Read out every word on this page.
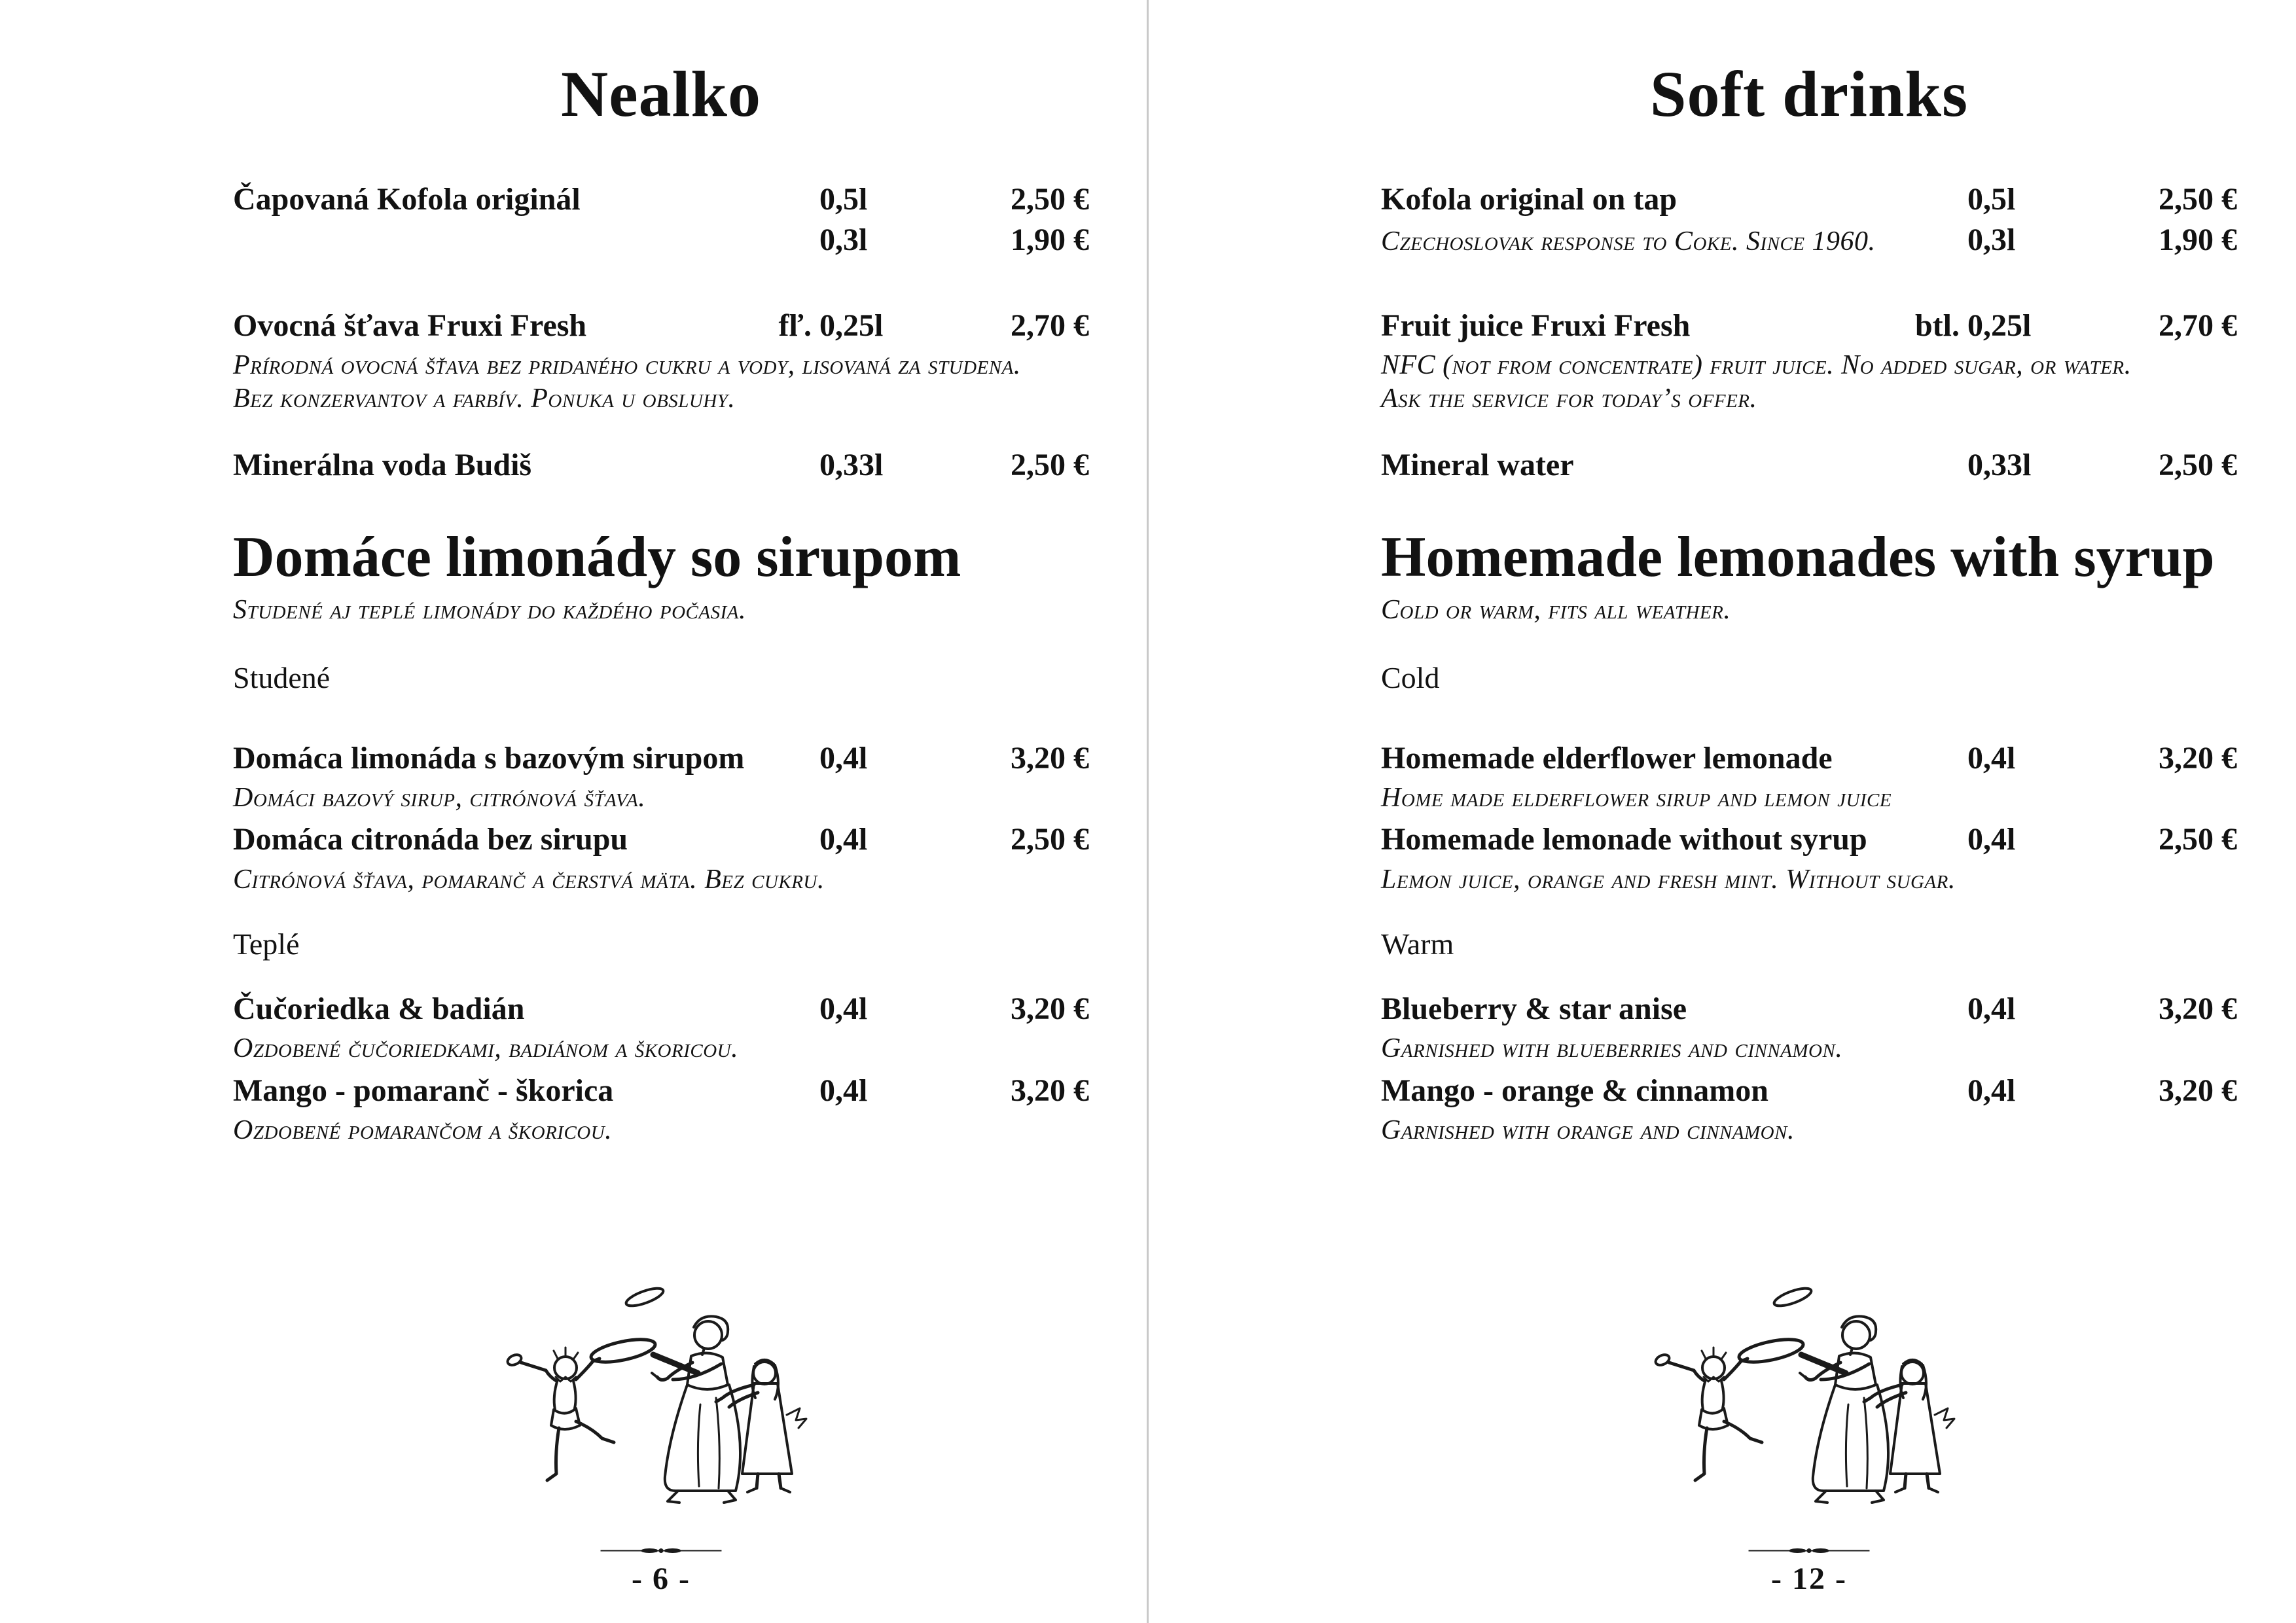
Nealko
Čapovaná Kofola originál	0,5l	2,50 €
0,3l	1,90 €
Ovocná šťava Fruxi Fresh	fľ. 0,25l	2,70 €
Prírodná ovocná šťava bez pridaného cukru a vody, lisovaná za studena. Bez konzervantov a farbív. Ponuka u obsluhy.
Minerálna voda Budiš	0,33l	2,50 €
Domáce limonády so sirupom
Studené aj teplé limonády do každého počasia.
Studené
Domáca limonáda s bazovým sirupom	0,4l	3,20 €
Domáci bazový sirup, citrónová šťava.
Domáca citronáda bez sirupu	0,4l	2,50 €
Citrónová šťava, pomaranč a čerstvá mäta. Bez cukru.
Teplé
Čučoriedka & badián	0,4l	3,20 €
Ozdobené čučoriedkami, badiánom a škoricou.
Mango - pomaranč - škorica	0,4l	3,20 €
Ozdobené pomarančom a škoricou.
- 6 -
Soft drinks
Kofola original on tap	0,5l	2,50 €
Czechoslovak response to Coke. Since 1960.	0,3l	1,90 €
Fruit juice Fruxi Fresh	btl. 0,25l	2,70 €
NFC (not from concentrate) fruit juice. No added sugar, or water. Ask the service for today’s offer.
Mineral water	0,33l	2,50 €
Homemade lemonades with syrup
Cold or warm, fits all weather.
Cold
Homemade elderflower lemonade	0,4l	3,20 €
Home made elderflower sirup and lemon juice
Homemade lemonade without syrup	0,4l	2,50 €
Lemon juice, orange and fresh mint. Without sugar.
Warm
Blueberry & star anise	0,4l	3,20 €
Garnished with blueberries and cinnamon.
Mango - orange & cinnamon	0,4l	3,20 €
Garnished with orange and cinnamon.
- 12 -
